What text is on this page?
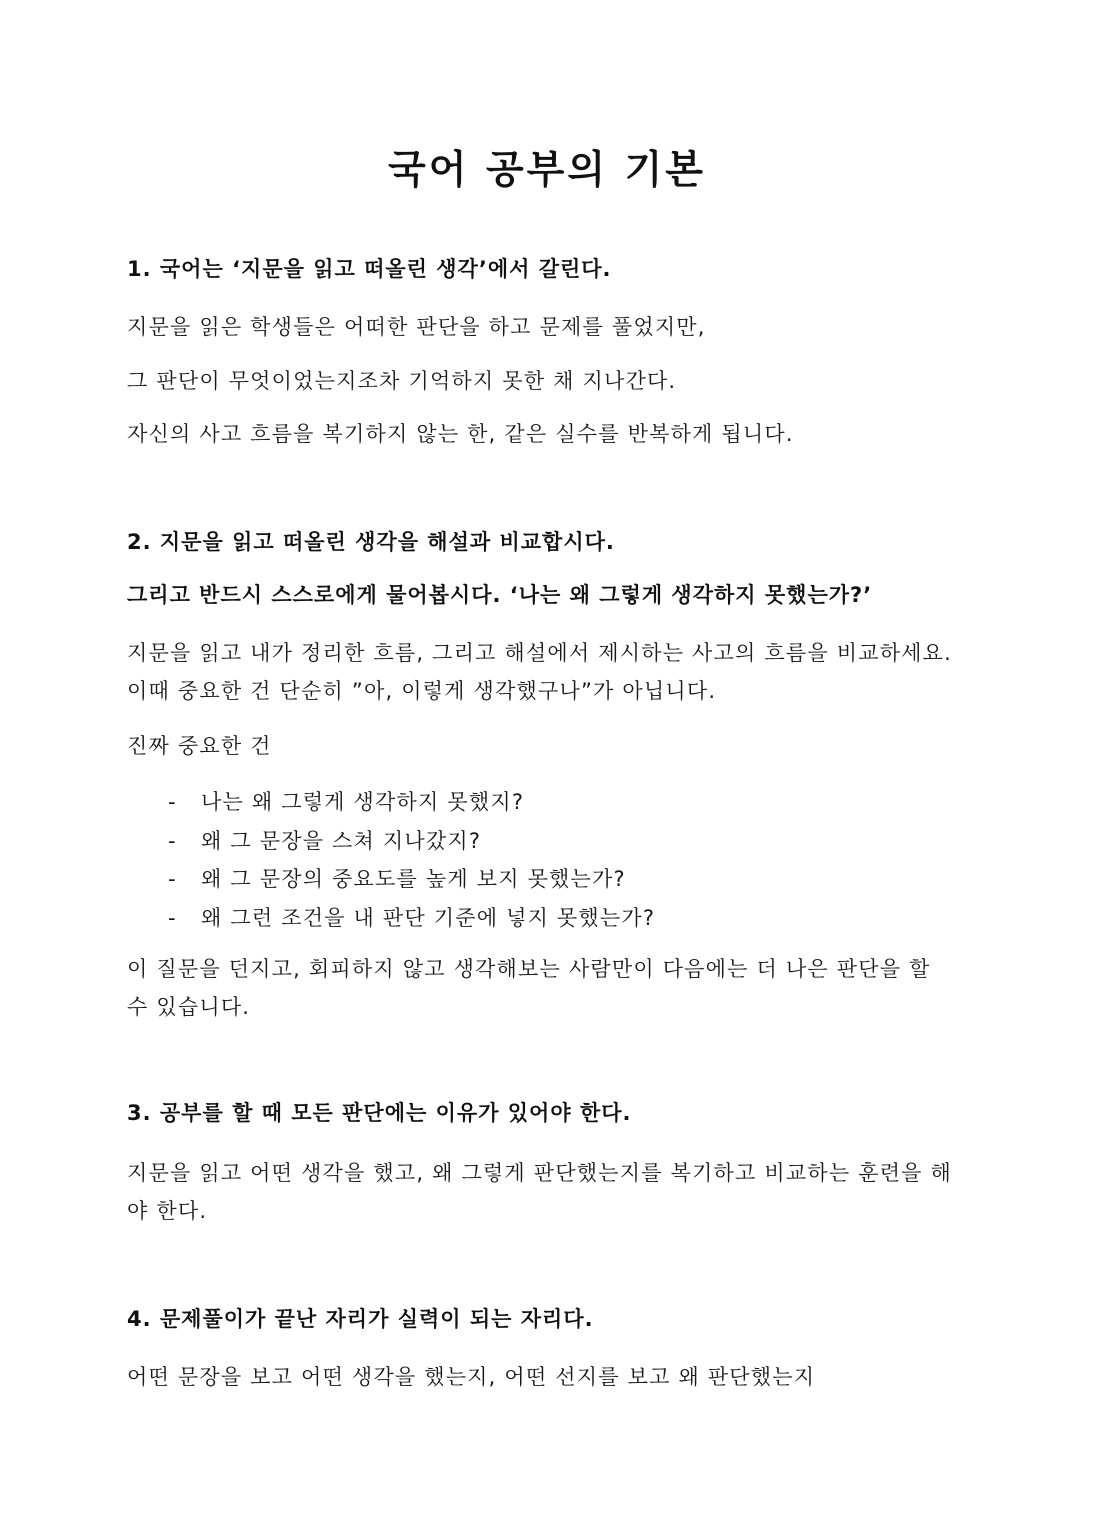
국어 공부의 기본
1. 국어는 ‘지문을 읽고 떠올린 생각’에서 갈린다.

지문을 읽은 학생들은 어떠한 판단을 하고 문제를 풀었지만,

그 판단이 무엇이었는지조차 기억하지 못한 채 지나간다.

자신의 사고 흐름을 복기하지 않는 한, 같은 실수를 반복하게 됩니다.

2. 지문을 읽고 떠올린 생각을 해설과 비교합시다.
그리고 반드시 스스로에게 물어봅시다. ‘나는 왜 그렇게 생각하지 못했는가?’

지문을 읽고 내가 정리한 흐름, 그리고 해설에서 제시하는 사고의 흐름을 비교하세요. 이때 중요한 건 단순히 ”아, 이렇게 생각했구나”가 아닙니다.

진짜 중요한 건

-	나는 왜 그렇게 생각하지 못했지?
-	왜 그 문장을 스쳐 지나갔지?
-	왜 그 문장의 중요도를 높게 보지 못했는가?
-	왜 그런 조건을 내 판단 기준에 넣지 못했는가?

이 질문을 던지고, 회피하지 않고 생각해보는 사람만이 다음에는 더 나은 판단을 할 수 있습니다.

3. 공부를 할 때 모든 판단에는 이유가 있어야 한다.

지문을 읽고 어떤 생각을 했고, 왜 그렇게 판단했는지를 복기하고 비교하는 훈련을 해야 한다.

4. 문제풀이가 끝난 자리가 실력이 되는 자리다.

어떤 문장을 보고 어떤 생각을 했는지, 어떤 선지를 보고 왜 판단했는지
